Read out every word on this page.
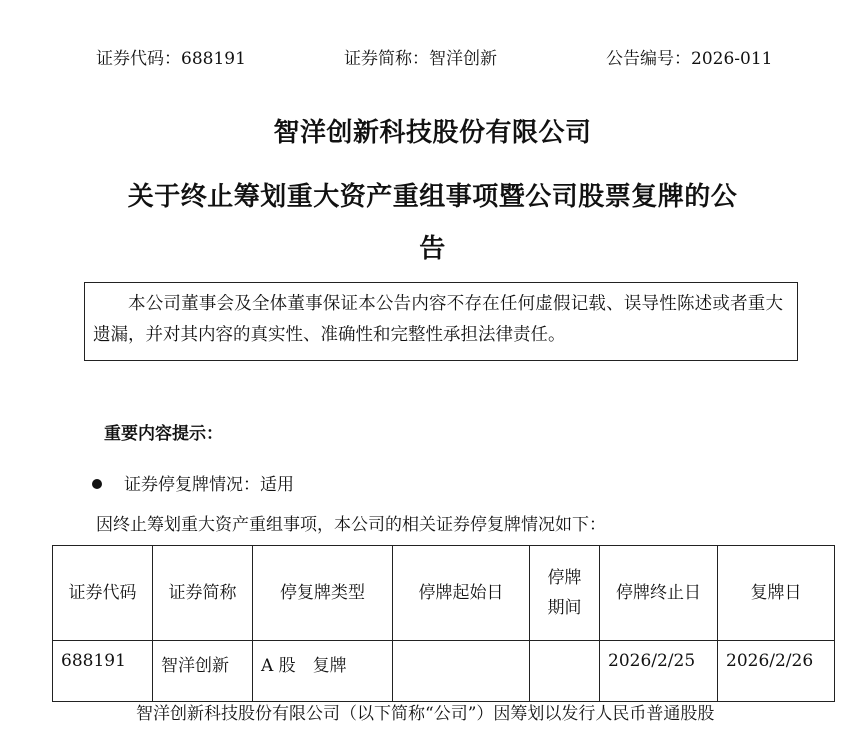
证券代码：688191	证券简称：智洋创新	公告编号：2026-011
智洋创新科技股份有限公司
关于终止筹划重大资产重组事项暨公司股票复牌的公
告

本公司董事会及全体董事保证本公告内容不存在任何虚假记载、误导性陈述或者重大遗漏，并对其内容的真实性、准确性和完整性承担法律责任。

重要内容提示：
证券停复牌情况：适用
因终止筹划重大资产重组事项，本公司的相关证券停复牌情况如下：
证券代码	证券简称	停复牌类型	停牌起始日	停牌期间	停牌终止日	复牌日
688191	智洋创新	A 股　复牌			2026/2/25	2026/2/26
智洋创新科技股份有限公司（以下简称“公司”）因筹划以发行人民币普通股股
